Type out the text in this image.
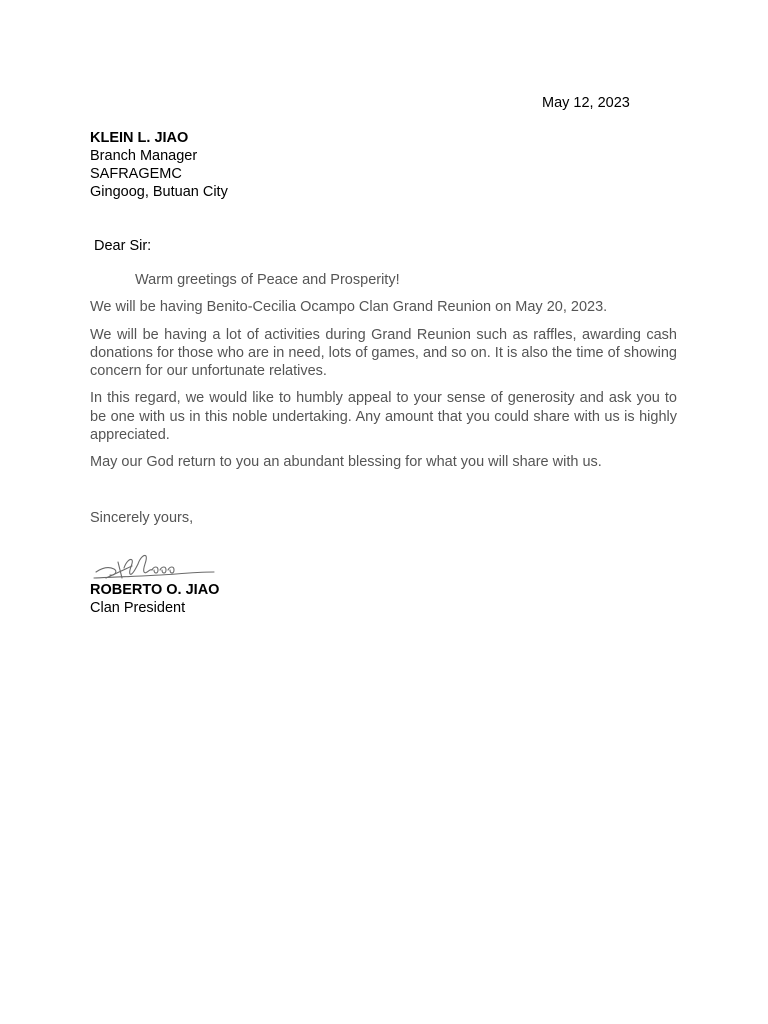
May 12, 2023
KLEIN L. JIAO
Branch Manager
SAFRAGEMC
Gingoog, Butuan City
Dear Sir:

Warm greetings of Peace and Prosperity!

We will be having Benito-Cecilia Ocampo Clan Grand Reunion on May 20, 2023.

We will be having a lot of activities during Grand Reunion such as raffles, awarding cash donations for those who are in need, lots of games, and so on. It is also the time of showing concern for our unfortunate relatives.

In this regard, we would like to humbly appeal to your sense of generosity and ask you to be one with us in this noble undertaking. Any amount that you could share with us is highly appreciated.

May our God return to you an abundant blessing for what you will share with us.

Sincerely yours,
ROBERTO O. JIAO
Clan President
